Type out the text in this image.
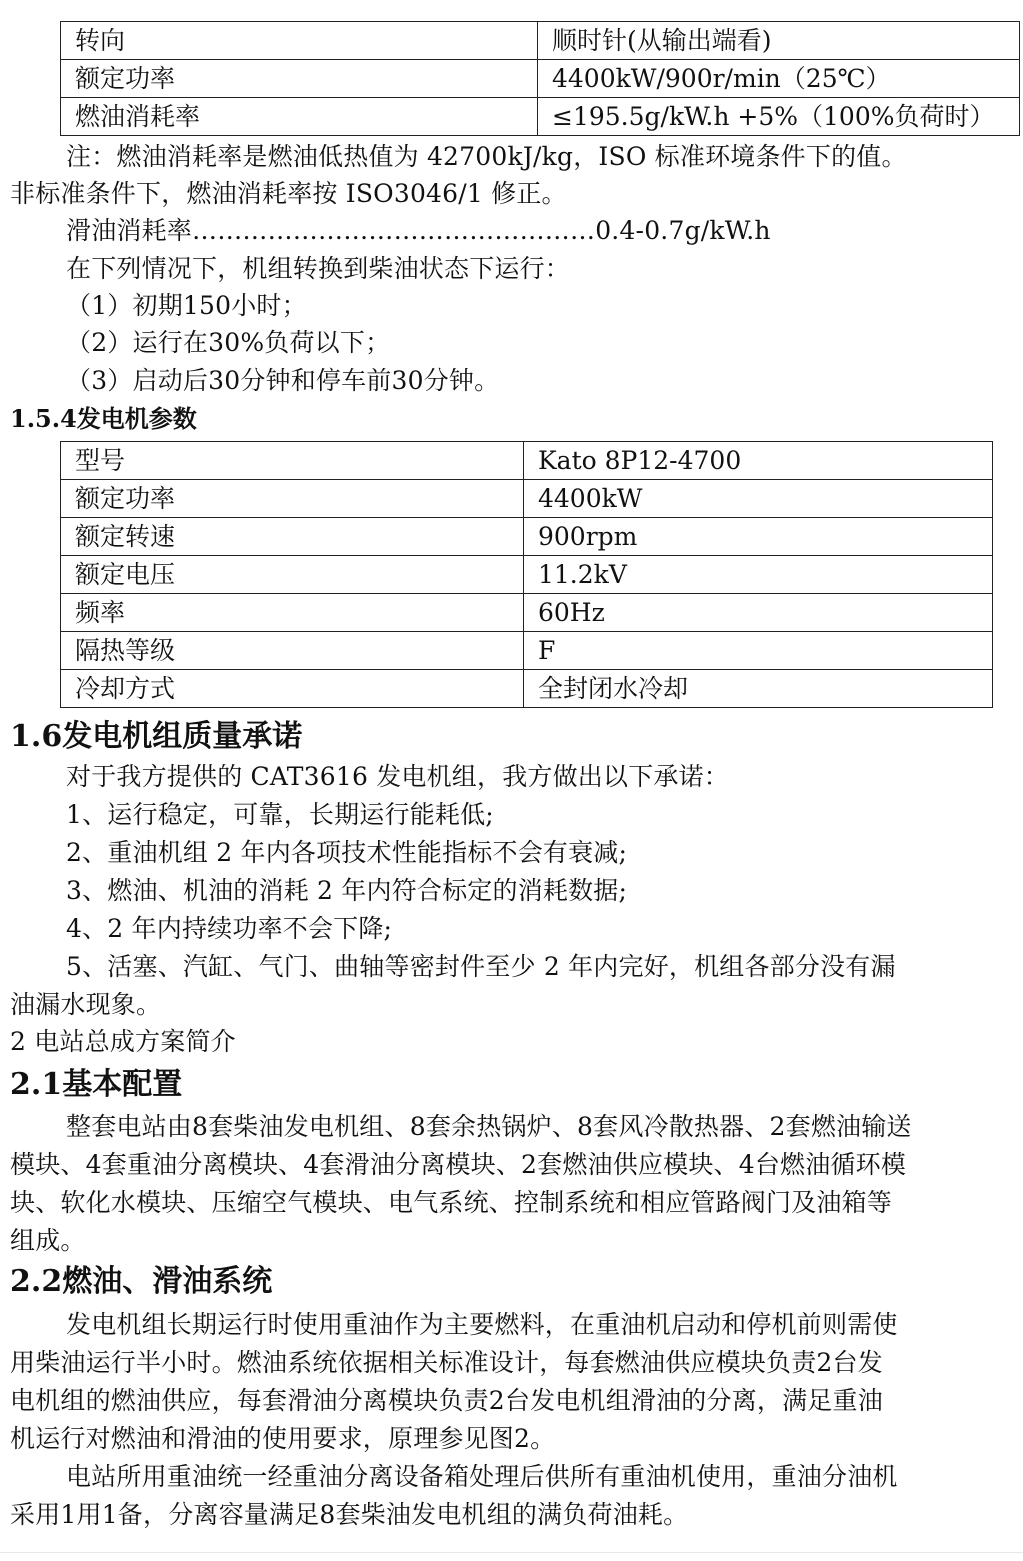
转向	顺时针(从输出端看)
额定功率	4400kW/900r/min（25℃）
燃油消耗率	≤195.5g/kW.h +5%（100%负荷时）
注：燃油消耗率是燃油低热值为 42700kJ/kg，ISO 标准环境条件下的值。
非标准条件下，燃油消耗率按 ISO3046/1 修正。
滑油消耗率…………………………………………0.4-0.7g/kW.h
在下列情况下，机组转换到柴油状态下运行：
（1）初期150小时；
（2）运行在30%负荷以下；
（3）启动后30分钟和停车前30分钟。
1.5.4发电机参数
型号	Kato 8P12-4700
额定功率	4400kW
额定转速	900rpm
额定电压	11.2kV
频率	60Hz
隔热等级	F
冷却方式	全封闭水冷却
1.6发电机组质量承诺
对于我方提供的 CAT3616 发电机组，我方做出以下承诺：
1、运行稳定，可靠，长期运行能耗低;
2、重油机组 2 年内各项技术性能指标不会有衰减;
3、燃油、机油的消耗 2 年内符合标定的消耗数据;
4、2 年内持续功率不会下降;
5、活塞、汽缸、气门、曲轴等密封件至少 2 年内完好，机组各部分没有漏
油漏水现象。
2 电站总成方案简介
2.1基本配置
整套电站由8套柴油发电机组、8套余热锅炉、8套风冷散热器、2套燃油输送
模块、4套重油分离模块、4套滑油分离模块、2套燃油供应模块、4台燃油循环模
块、软化水模块、压缩空气模块、电气系统、控制系统和相应管路阀门及油箱等
组成。
2.2燃油、滑油系统
发电机组长期运行时使用重油作为主要燃料，在重油机启动和停机前则需使
用柴油运行半小时。燃油系统依据相关标准设计，每套燃油供应模块负责2台发
电机组的燃油供应，每套滑油分离模块负责2台发电机组滑油的分离，满足重油
机运行对燃油和滑油的使用要求，原理参见图2。
电站所用重油统一经重油分离设备箱处理后供所有重油机使用，重油分油机
采用1用1备，分离容量满足8套柴油发电机组的满负荷油耗。
